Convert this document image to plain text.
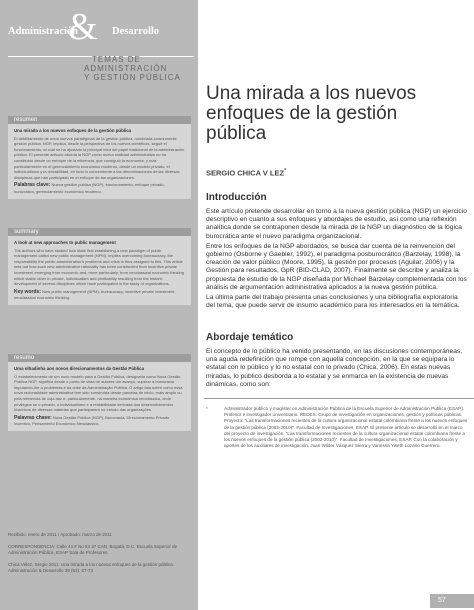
Administración
& Desarrollo
TEMAS DE
ADMINISTRACIÓN
Y GESTIÓN PÚBLICA
resumen
Una mirada a los nuevos enfoques de la gestión pública
El debilitamiento de unos nuevos paradigmas de la gestión pública, nombrada comúnmente gestión pública, NGP, implica, desde la perspectiva de los nuevos científicos, seguir el funcionamiento, al cual se ha ajustado la principal idea del papel tradicional de la administración pública. El presente artículo aborda la NGP como nueva realidad administrativa no ha constituido desde un enfoque de la eficiencia, que consiguió la economía, y más particularmente en el gerenciamiento económico moderno, desde un modelo privado, el individualismo y la rentabilidad, en todo lo concerniente a las denominaciones de las diversas disciplinas que han participado en el enfoque de las organizaciones.
Palabras clave: Nueva gestión pública (NGP), funcionamiento, enfoque privado-burocrático, gerenciamiento económico moderno.
summary
A look at new approaches to public management
The authors who have studied how state that establishing a new paradigm of public management called new public management (NPM), implies overcoming bureaucracy, the responsibility the public administration's problems and crisis is thus assigned to this. This article sets out how such new administrative rationality has been constructed from incentive private investment emerging from economic and, more particularly, from neoclassical economic thinking which stable other in private, individualism and profitability resulting from the historic development of several disciplines which have participated in the study of organizations.
Key words: New public management (NPM), bureaucracy, incentive private investment, neoclassical economic thinking.
resumo
Uma olhadinha aos novos direcionamentos da Gestão Pública
O estabelecimento de um novo modelo para a Gestão Pública, designada como Nova Gestão Pública NGP, significa desde o ponto de vista de autores um avanço, superar a burocracia imputando-lhe a problemas e da crise da Administração Pública. O artigo fala sobre como essa nova racionalidade administrativa tem sido construída desde parcelas de inicio, mais amplo ou pela referencia de cuja raiz é, particularmente, na maneira econômica neoclássica, onde privilégios se o privado, o individualismo e a rentabilidade derivada dos desenvolvimentos históricos de diversas matérias que participaram no estudo das organizações.
Palavras chave: Nova Gestão Pública (NGP), Burocracia, Direcionamento Privado Incentivo, Pensamento Econômico Neoclássico.

Recibido: enero de 2011 / Aprobado: marzo de 2011

CORRESPONDENCIA: Calle 44 # No 53 37 CAN, Bogotá, D.C. Escuela Superior de Administración Pública, ESAP Sala de Profesores

Chica Vélez, Sergio 2011: Una mirada a los nuevos enfoques de la gestión pública. Administración & Desarrollo 39 (53): 57-74

Una mirada a los nuevos enfoques de la gestión pública
SERGIO CHICA V LEZ*
Introducción

Este artículo pretende desarrollar en torno a la nueva gestión pública (NGP) un ejercicio descriptivo en cuanto a sus enfoques y abordajes de estudio, así como una reflexión analítica donde se contraponen desde la mirada de la NGP un diagnóstico de la lógica burocrática ante el nuevo paradigma organizacional.

Entre los enfoques de la NGP abordados, se busca dar cuenta de la reinvención del gobierno (Osborne y Gaebler, 1992), el paradigma posburocrático (Barzelay, 1998), la creación de valor público (Moore, 1995), la gestión por procesos (Aguilar, 2006) y la Gestión para resultados, GpR (BID-CLAD, 2007). Finalmente se describe y analiza la propuesta de estudio de la NGP diseñada por Michael Barzelay complementada con los análisis de argumentación administrativa aplicados a la nueva gestión pública.

La última parte del trabajo presenta unas conclusiones y una bibliografía exploratoria del tema, que puede servir de insumo académico para los interesados en la temática.

Abordaje temático

El concepto de lo público ha venido presentando, en las discusiones contemporáneas, una aguda redefinición que rompe con aquella concepción, en la que se equipara lo estatal con lo público y lo no estatal con lo privado (Chica, 2006). En estas nuevas miradas, lo público desborda a lo estatal y se enmarca en la existencia de nuevas dinámicas, como son:

*	Administrador público y magíster en Administración Pública de la Escuela Superior de Administración Pública (ESAP). Profesor e investigador universitario. REDES: Grupo de investigación en organizaciones, gestión y políticas públicas. Proyecto: "Las transformaciones recientes de la cultura organizacional estatal colombiana frente a los nuevos enfoques de la gestión pública (2002-2010)". Facultad de Investigaciones. ESAP. El presente artículo se desarrolló en el marco del proyecto de investigación: "Las transformaciones recientes de la cultura organizacional estatal colombiana frente a los nuevos enfoques de la gestión pública (2002-2010)". Facultad de Investigaciones, ESAP. Con la colaboración y aportes de los auxiliares de investigación, Juan Wilder Vásquez Sierra y Vanessa Yiseth Lozano Guerrero.
57
